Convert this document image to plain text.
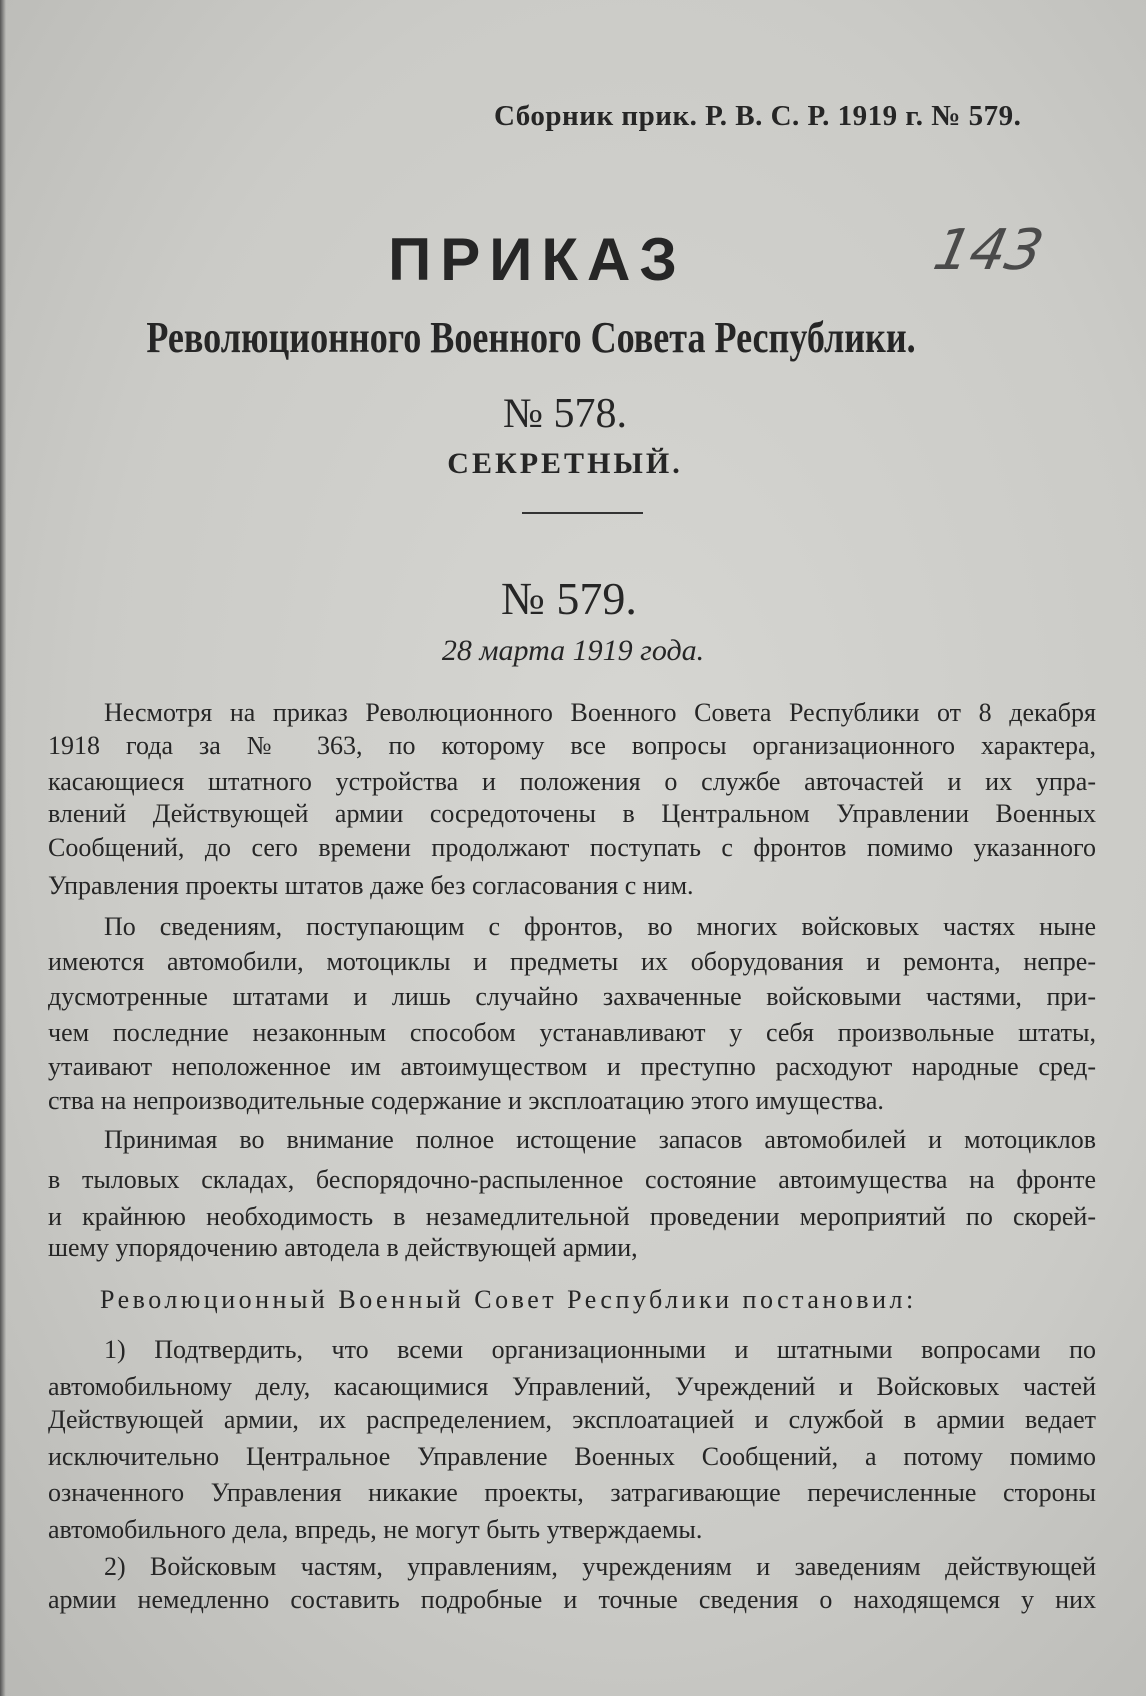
Сборник прик. Р. В. С. Р. 1919 г. № 579.
143
ПРИКАЗ
Революционного Военного Совета Республики.
№ 578.
СЕКРЕТНЫЙ.
№ 579.
28 марта 1919 года.
Несмотря на приказ Революционного Военного Совета Республики от 8 декабря
1918 года за № 363, по которому все вопросы организационного характера,
касающиеся штатного устройства и положения о службе авточастей и их упра-
влений Действующей армии сосредоточены в Центральном Управлении Военных
Сообщений, до сего времени продолжают поступать с фронтов помимо указанного
Управления проекты штатов даже без согласования с ним.
По сведениям, поступающим с фронтов, во многих войсковых частях ныне
имеются автомобили, мотоциклы и предметы их оборудования и ремонта, непре-
дусмотренные штатами и лишь случайно захваченные войсковыми частями, при-
чем последние незаконным способом устанавливают у себя произвольные штаты,
утаивают неположенное им автоимуществом и преступно расходуют народные сред-
ства на непроизводительные содержание и эксплоатацию этого имущества.
Принимая во внимание полное истощение запасов автомобилей и мотоциклов
в тыловых складах, беспорядочно-распыленное состояние автоимущества на фронте
и крайнюю необходимость в незамедлительной проведении мероприятий по скорей-
шему упорядочению автодела в действующей армии,
Революционный Военный Совет Республики постановил:
1) Подтвердить, что всеми организационными и штатными вопросами по
автомобильному делу, касающимися Управлений, Учреждений и Войсковых частей
Действующей армии, их распределением, эксплоатацией и службой в армии ведает
исключительно Центральное Управление Военных Сообщений, а потому помимо
означенного Управления никакие проекты, затрагивающие перечисленные стороны
автомобильного дела, впредь, не могут быть утверждаемы.
2) Войсковым частям, управлениям, учреждениям и заведениям действующей
армии немедленно составить подробные и точные сведения о находящемся у них
